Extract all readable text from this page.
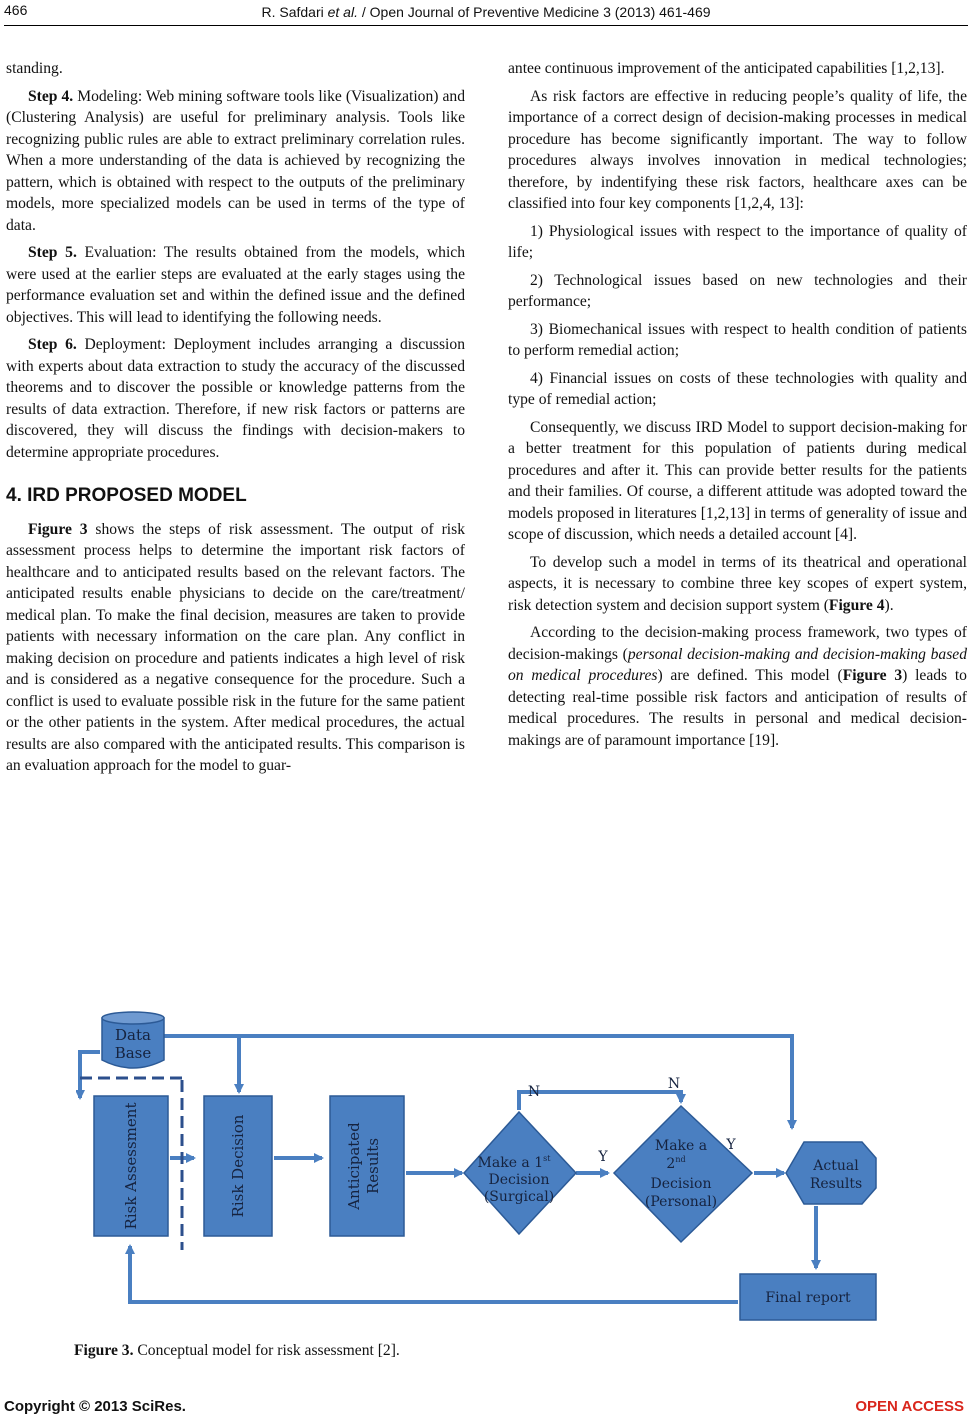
466	R. Safdari et al. / Open Journal of Preventive Medicine 3 (2013) 461-469

standing.

Step 4. Modeling: Web mining software tools like (Visualization) and (Clustering Analysis) are useful for preliminary analysis. Tools like recognizing public rules are able to extract preliminary correlation rules. When a more understanding of the data is achieved by recognizing the pattern, which is obtained with respect to the outputs of the preliminary models, more specialized models can be used in terms of the type of data.

Step 5. Evaluation: The results obtained from the models, which were used at the earlier steps are evaluated at the early stages using the performance evaluation set and within the defined issue and the defined objectives. This will lead to identifying the following needs.

Step 6. Deployment: Deployment includes arranging a discussion with experts about data extraction to study the accuracy of the discussed theorems and to discover the possible or knowledge patterns from the results of data extraction. Therefore, if new risk factors or patterns are discovered, they will discuss the findings with decision-makers to determine appropriate procedures.

4. IRD PROPOSED MODEL

Figure 3 shows the steps of risk assessment. The output of risk assessment process helps to determine the important risk factors of healthcare and to anticipated results based on the relevant factors. The anticipated results enable physicians to decide on the care/treatment/ medical plan. To make the final decision, measures are taken to provide patients with necessary information on the care plan. Any conflict in making decision on procedure and patients indicates a high level of risk and is considered as a negative consequence for the procedure. Such a conflict is used to evaluate possible risk in the future for the same patient or the other patients in the system. After medical procedures, the actual results are also compared with the anticipated results. This comparison is an evaluation approach for the model to guar-

antee continuous improvement of the anticipated capabilities [1,2,13].

As risk factors are effective in reducing people’s quality of life, the importance of a correct design of decision-making processes in medical procedure has become significantly important. The way to follow procedures always involves innovation in medical technologies; therefore, by indentifying these risk factors, healthcare axes can be classified into four key components [1,2,4, 13]:

1) Physiological issues with respect to the importance of quality of life;

2) Technological issues based on new technologies and their performance;

3) Biomechanical issues with respect to health condition of patients to perform remedial action;

4) Financial issues on costs of these technologies with quality and type of remedial action;

Consequently, we discuss IRD Model to support decision-making for a better treatment for this population of patients during medical procedures and after it. This can provide better results for the patients and their families. Of course, a different attitude was adopted toward the models proposed in literatures [1,2,13] in terms of generality of issue and scope of discussion, which needs a detailed account [4].

To develop such a model in terms of its theatrical and operational aspects, it is necessary to combine three key scopes of expert system, risk detection system and decision support system (Figure 4).

According to the decision-making process framework, two types of decision-makings (personal decision-making and decision-making based on medical procedures) are defined. This model (Figure 3) leads to detecting real-time possible risk factors and anticipation of results of medical procedures. The results in personal and medical decision-makings are of paramount importance [19].

Data
Base
Risk Assessment	Risk Decision	Anticipated Results	Make a 1st
Decision
(Surgical)
Make a
2nd
Decision
(Personal)
Actual
Results
Final report
N	N
Y
Y
Figure 3. Conceptual model for risk assessment [2].
Copyright © 2013 SciRes.	OPEN ACCESS
